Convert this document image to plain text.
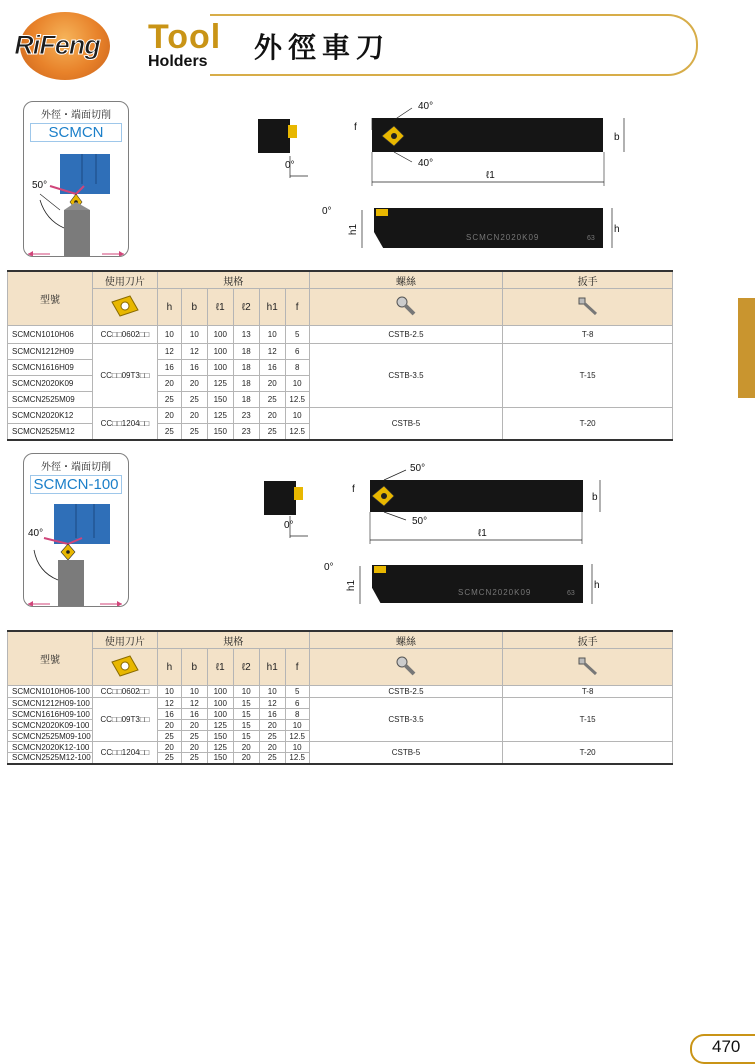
RiFeng	Tool
Holders 外徑車刀
外徑・端面切削
SCMCN
50°
0°
40°
40°
f
b
ℓ1
SCMCN2020K09	63
0°
h1	h
型號	使用刀片	規格						螺絲	扳手
	h	b	ℓ1	ℓ2	h1	f		
SCMCN1010H06	CC□□0602□□	10	10	100	13	10	5	CSTB-2.5	T-8
SCMCN1212H09	CC□□09T3□□	12	12	100	18	12	6	CSTB-3.5	T-15
SCMCN1616H09		16	16	100	18	16	8		
SCMCN2020K09		20	20	125	18	20	10		
SCMCN2525M09		25	25	150	18	25	12.5		
SCMCN2020K12	CC□□1204□□	20	20	125	23	20	10	CSTB-5	T-20
SCMCN2525M12		25	25	150	23	25	12.5		
外徑・端面切削
SCMCN-100
40°
0°
50°
50°
f
b
ℓ1
SCMCN2020K09	63
0°
h1	h
型號	使用刀片	規格						螺絲	扳手
	h	b	ℓ1	ℓ2	h1	f		
SCMCN1010H06-100	CC□□0602□□	10	10	100	10	10	5	CSTB-2.5	T-8
SCMCN1212H09-100	CC□□09T3□□	12	12	100	15	12	6	CSTB-3.5	T-15
SCMCN1616H09-100		16	16	100	15	16	8		
SCMCN2020K09-100		20	20	125	15	20	10		
SCMCN2525M09-100		25	25	150	15	25	12.5		
SCMCN2020K12-100	CC□□1204□□	20	20	125	20	20	10	CSTB-5	T-20
SCMCN2525M12-100		25	25	150	20	25	12.5		
470
